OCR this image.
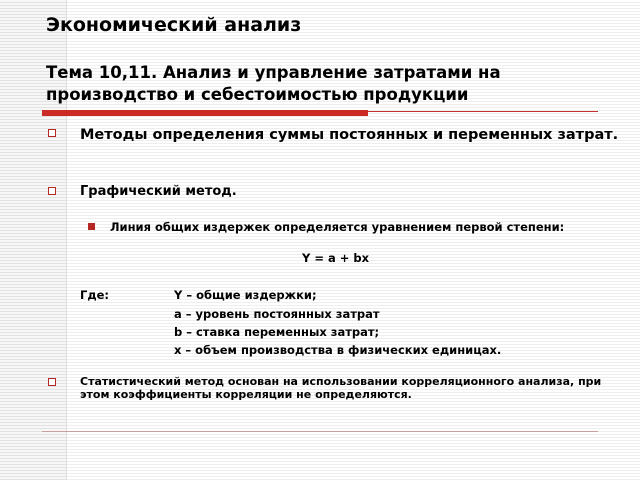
Экономический анализ
Тема 10,11. Анализ и управление затратами на производство и себестоимостью продукции
Методы определения суммы постоянных и переменных затрат.
Графический метод.
Линия общих издержек определяется уравнением первой степени:
Y = a + bx
Где:	Y – общие издержки;
a – уровень постоянных затрат
b – ставка переменных затрат;
x – объем производства в физических единицах.
Статистический метод основан на использовании корреляционного анализа, при этом коэффициенты корреляции не определяются.
